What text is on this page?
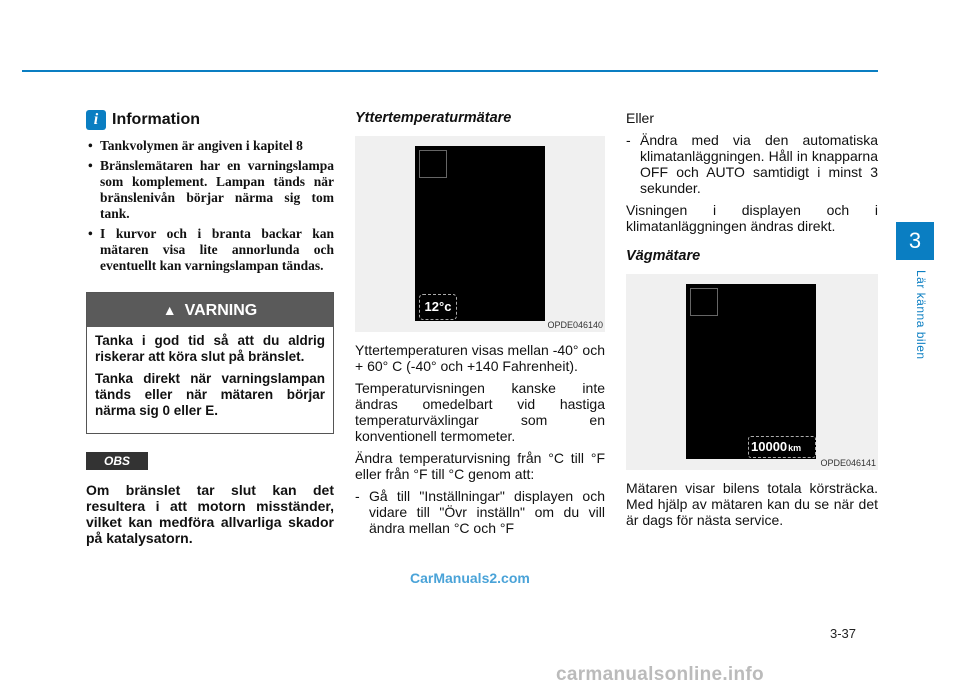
3
Lär känna bilen
i Information
• Tankvolymen är angiven i kapitel 8
• Bränslemätaren har en varningslampa som komplement. Lampan tänds när bränslenivån börjar närma sig tom tank.
• I kurvor och i branta backar kan mätaren visa lite annorlunda och eventuellt kan varningslampan tändas.
▲ VARNING

Tanka i god tid så att du aldrig riskerar att köra slut på bränslet.

Tanka direkt när varningslampan tänds eller när mätaren börjar närma sig 0 eller E.

OBS
Om bränslet tar slut kan det resultera i att motorn misständer, vilket kan medföra allvarliga skador på katalysatorn.
Yttertemperaturmätare
12°c
OPDE046140

Yttertemperaturen visas mellan -40° och + 60° C (-40° och +140 Fahrenheit).

Temperaturvisningen kanske inte ändras omedelbart vid hastiga temperaturväxlingar som en konventionell termometer.

Ändra temperaturvisning från °C till °F eller från °F till °C genom att:

- Gå till "Inställningar" displayen och vidare till "Övr inställn" om du vill ändra mellan °C och °F

Eller

- Ändra med via den automatiska klimatanläggningen. Håll in knapparna OFF och AUTO samtidigt i minst 3 sekunder.

Visningen i displayen och i klimatanläggningen ändras direkt.

Vägmätare
10000km
OPDE046141

Mätaren visar bilens totala körsträcka. Med hjälp av mätaren kan du se när det är dags för nästa service.

CarManuals2.com
3-37
carmanualsonline.info
